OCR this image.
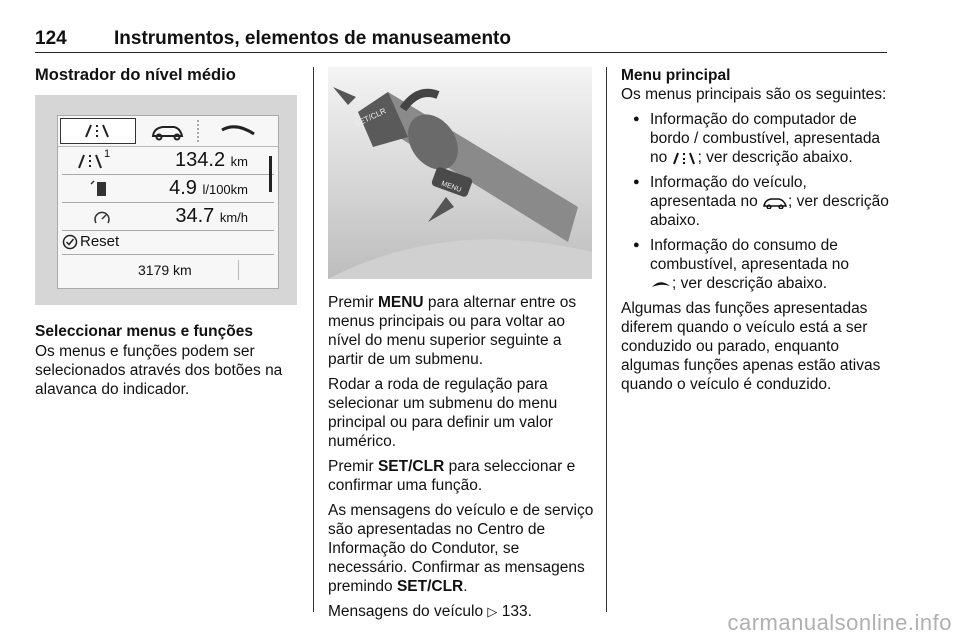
124 Instrumentos, elementos de manuseamento
Mostrador do nível médio
1	134.2 km
4.9 l/100km
34.7 km/h
Reset
3179 km
Seleccionar menus e funções
Os menus e funções podem ser selecionados através dos botões na alavanca do indicador.
SET/CLR
MENU

Premir MENU para alternar entre os menus principais ou para voltar ao nível do menu superior seguinte a partir de um submenu.

Rodar a roda de regulação para selecionar um submenu do menu principal ou para definir um valor numérico.

Premir SET/CLR para seleccionar e confirmar uma função.

As mensagens do veículo e de serviço são apresentadas no Centro de Informação do Condutor, se necessário. Confirmar as mensagens premindo SET/CLR.

Mensagens do veículo ▷ 133.

Menu principal

Os menus principais são os seguintes:

● Informação do computador de bordo / combustível, apresentada no ; ver descrição abaixo.
● Informação do veículo, apresentada no ; ver descrição abaixo.
● Informação do consumo de combustível, apresentada no
; ver descrição abaixo.

Algumas das funções apresentadas diferem quando o veículo está a ser conduzido ou parado, enquanto algumas funções apenas estão ativas quando o veículo é conduzido.

carmanualsonline.info
